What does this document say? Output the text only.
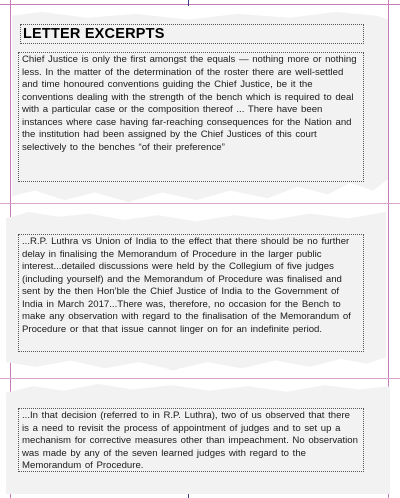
LETTER EXCERPTS
Chief Justice is only the first amongst the equals — nothing more or nothing less. In the matter of the determination of the roster there are well-settled and time honoured conventions guiding the Chief Justice, be it the conventions dealing with the strength of the bench which is required to deal with a particular case or the composition thereof ... There have been instances where case having far-reaching consequences for the Nation and the institution had been assigned by the Chief Justices of this court selectively to the benches “of their preference”
...R.P. Luthra vs Union of India to the effect that there should be no further delay in finalising the Memorandum of Procedure in the larger public interest...detailed discussions were held by the Collegium of five judges (including yourself) and the Memorandum of Procedure was finalised and sent by the then Hon’ble the Chief Justice of India to the Government of India in March 2017...There was, therefore, no occasion for the Bench to make any observation with regard to the finalisation of the Memorandum of Procedure or that that issue cannot linger on for an indefinite period.
...In that decision (referred to in R.P. Luthra), two of us observed that there is a need to revisit the process of appointment of judges and to set up a mechanism for corrective measures other than impeachment. No observation was made by any of the seven learned judges with regard to the Memorandum of Procedure.
